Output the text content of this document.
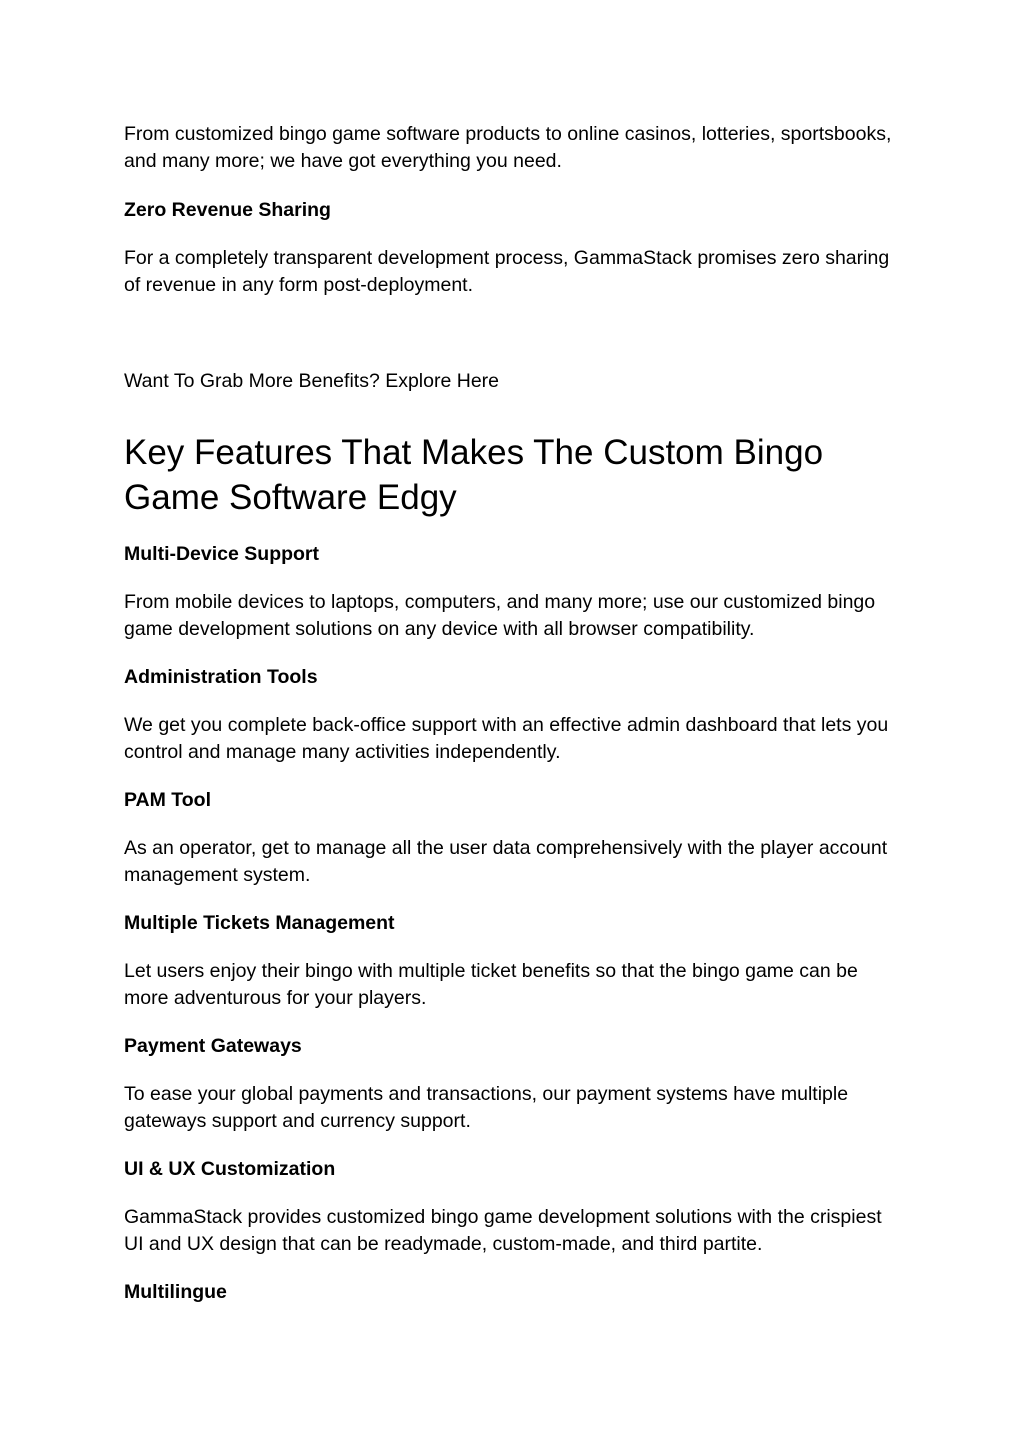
From customized bingo game software products to online casinos, lotteries, sportsbooks, and many more; we have got everything you need.

Zero Revenue Sharing

For a completely transparent development process, GammaStack promises zero sharing of revenue in any form post-deployment.

Want To Grab More Benefits? Explore Here

Key Features That Makes The Custom Bingo Game Software Edgy
Multi-Device Support

From mobile devices to laptops, computers, and many more; use our customized bingo game development solutions on any device with all browser compatibility.

Administration Tools

We get you complete back-office support with an effective admin dashboard that lets you control and manage many activities independently.

PAM Tool

As an operator, get to manage all the user data comprehensively with the player account management system.

Multiple Tickets Management

Let users enjoy their bingo with multiple ticket benefits so that the bingo game can be more adventurous for your players.

Payment Gateways

To ease your global payments and transactions, our payment systems have multiple gateways support and currency support.

UI & UX Customization

GammaStack provides customized bingo game development solutions with the crispiest UI and UX design that can be readymade, custom-made, and third partite.

Multilingue
